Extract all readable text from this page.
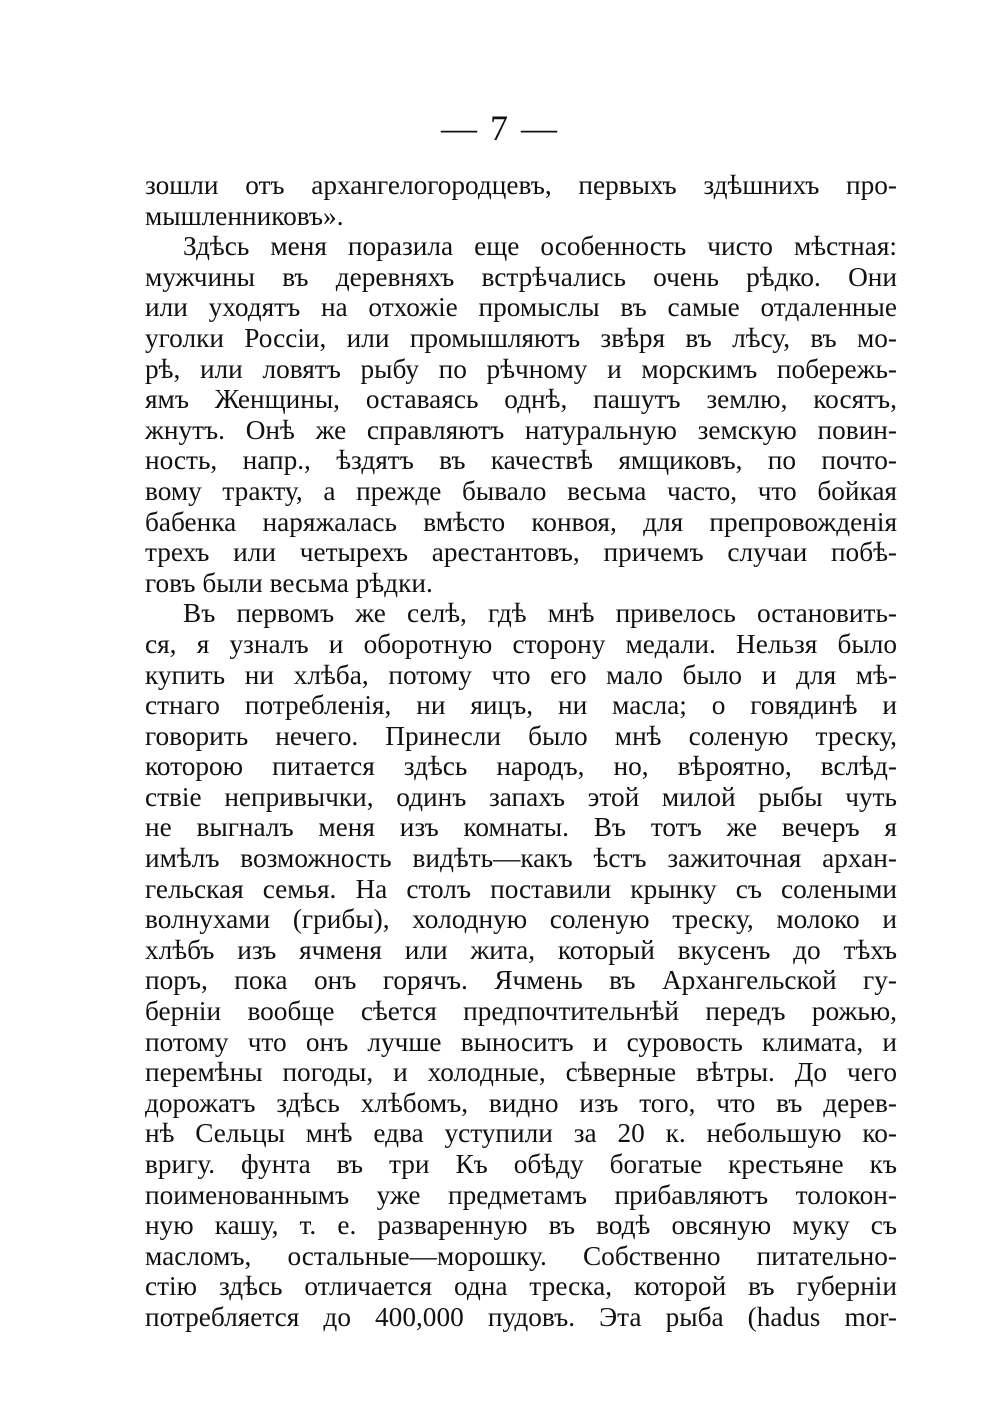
— 7 —
зошли отъ архангелогородцевъ, первыхъ здѣшнихъ про-
мышленниковъ».
Здѣсь меня поразила еще особенность чисто мѣстная:
мужчины въ деревняхъ встрѣчались очень рѣдко. Они
или уходятъ на отхожіе промыслы въ самые отдаленные
уголки Россіи, или промышляютъ звѣря въ лѣсу, въ мо-
рѣ, или ловятъ рыбу по рѣчному и морскимъ побережь-
ямъ Женщины, оставаясь однѣ, пашутъ землю, косятъ,
жнутъ. Онѣ же справляютъ натуральную земскую повин-
ность, напр., ѣздятъ въ качествѣ ямщиковъ, по почто-
вому тракту, а прежде бывало весьма часто, что бойкая
бабенка наряжалась вмѣсто конвоя, для препровожденія
трехъ или четырехъ арестантовъ, причемъ случаи побѣ-
говъ были весьма рѣдки.
Въ первомъ же селѣ, гдѣ мнѣ привелось остановить-
ся, я узналъ и оборотную сторону медали. Нельзя было
купить ни хлѣба, потому что его мало было и для мѣ-
стнаго потребленія, ни яицъ, ни масла; о говядинѣ и
говорить нечего. Принесли было мнѣ соленую треску,
которою питается здѣсь народъ, но, вѣроятно, вслѣд-
ствіе непривычки, одинъ запахъ этой милой рыбы чуть
не выгналъ меня изъ комнаты. Въ тотъ же вечеръ я
имѣлъ возможность видѣть—какъ ѣстъ зажиточная архан-
гельская семья. На столъ поставили крынку съ солеными
волнухами (грибы), холодную соленую треску, молоко и
хлѣбъ изъ ячменя или жита, который вкусенъ до тѣхъ
поръ, пока онъ горячъ. Ячмень въ Архангельской гу-
берніи вообще сѣется предпочтительнѣй передъ рожью,
потому что онъ лучше выноситъ и суровость климата, и
перемѣны погоды, и холодные, сѣверные вѣтры. До чего
дорожатъ здѣсь хлѣбомъ, видно изъ того, что въ дерев-
нѣ Сельцы мнѣ едва уступили за 20 к. небольшую ко-
вригу. фунта въ три Къ обѣду богатые крестьяне къ
поименованнымъ уже предметамъ прибавляютъ толокон-
ную кашу, т. е. разваренную въ водѣ овсяную муку съ
масломъ, остальные—морошку. Собственно питательно-
стію здѣсь отличается одна треска, которой въ губерніи
потребляется до 400,000 пудовъ. Эта рыба (hadus mor-
